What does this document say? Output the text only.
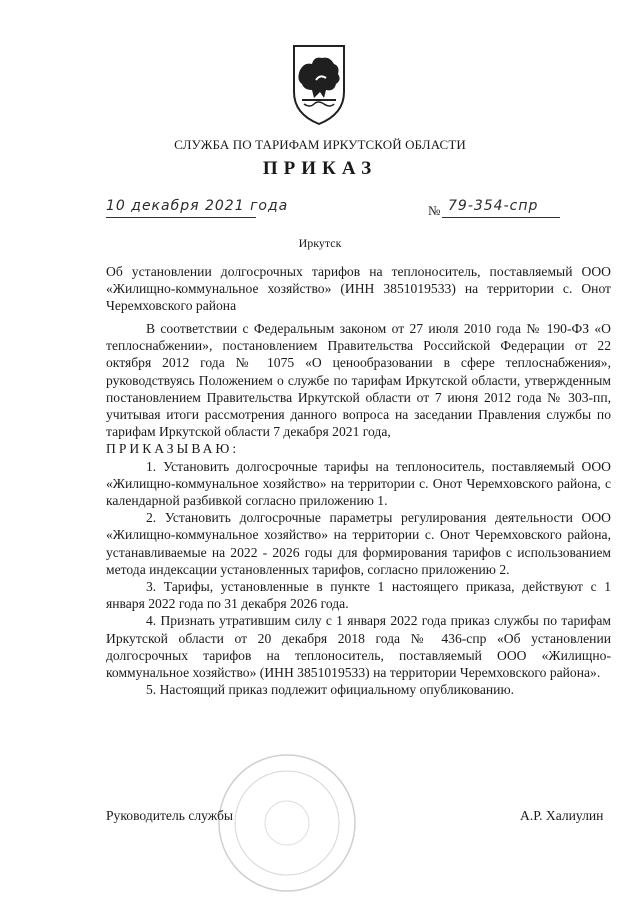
СЛУЖБА ПО ТАРИФАМ ИРКУТСКОЙ ОБЛАСТИ
ПРИКАЗ
10 декабря 2021 года	№ 79-354-спр
Иркутск
Об установлении долгосрочных тарифов на теплоноситель, поставляемый ООО «Жилищно-коммунальное хозяйство» (ИНН 3851019533) на территории с. Онот Черемховского района

В соответствии с Федеральным законом от 27 июля 2010 года № 190-ФЗ «О теплоснабжении», постановлением Правительства Российской Федерации от 22 октября 2012 года № 1075 «О ценообразовании в сфере теплоснабжения», руководствуясь Положением о службе по тарифам Иркутской области, утвержденным постановлением Правительства Иркутской области от 7 июня 2012 года № 303-пп, учитывая итоги рассмотрения данного вопроса на заседании Правления службы по тарифам Иркутской области 7 декабря 2021 года,

ПРИКАЗЫВАЮ:

1. Установить долгосрочные тарифы на теплоноситель, поставляемый ООО «Жилищно-коммунальное хозяйство» на территории с. Онот Черемховского района, с календарной разбивкой согласно приложению 1.

2. Установить долгосрочные параметры регулирования деятельности ООО «Жилищно-коммунальное хозяйство» на территории с. Онот Черемховского района, устанавливаемые на 2022 - 2026 годы для формирования тарифов с использованием метода индексации установленных тарифов, согласно приложению 2.

3. Тарифы, установленные в пункте 1 настоящего приказа, действуют с 1 января 2022 года по 31 декабря 2026 года.

4. Признать утратившим силу с 1 января 2022 года приказ службы по тарифам Иркутской области от 20 декабря 2018 года № 436-спр «Об установлении долгосрочных тарифов на теплоноситель, поставляемый ООО «Жилищно-коммунальное хозяйство» (ИНН 3851019533) на территории Черемховского района».

5. Настоящий приказ подлежит официальному опубликованию.

Руководитель службы	А.Р. Халиулин
